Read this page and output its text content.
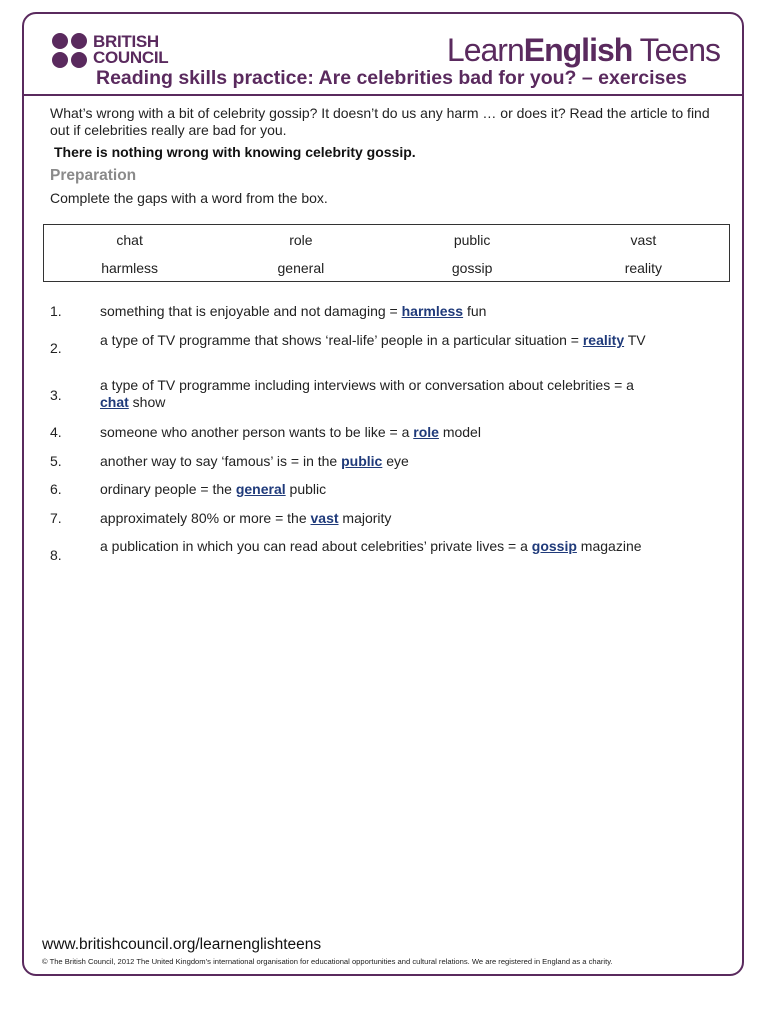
BRITISH
COUNCIL	LearnEnglish Teens
Reading skills practice: Are celebrities bad for you? – exercises
What’s wrong with a bit of celebrity gossip? It doesn’t do us any harm … or does it? Read the article to find out if celebrities really are bad for you.
There is nothing wrong with knowing celebrity gossip.
Preparation
Complete the gaps with a word from the box.
chat	role	public	vast
harmless	general	gossip	reality
1.	something that is enjoyable and not damaging = harmless fun
2.	a type of TV programme that shows ‘real-life’ people in a particular situation = reality TV
3.
a type of TV programme including interviews with or conversation about celebrities = a chat show
4.	someone who another person wants to be like = a role model
5.	another way to say ‘famous’ is = in the public eye
6.	ordinary people = the general public
7.	approximately 80% or more = the vast majority
8.
a publication in which you can read about celebrities’ private lives = a gossip magazine
www.britishcouncil.org/learnenglishteens
© The British Council, 2012 The United Kingdom’s international organisation for educational opportunities and cultural relations. We are registered in England as a charity.
